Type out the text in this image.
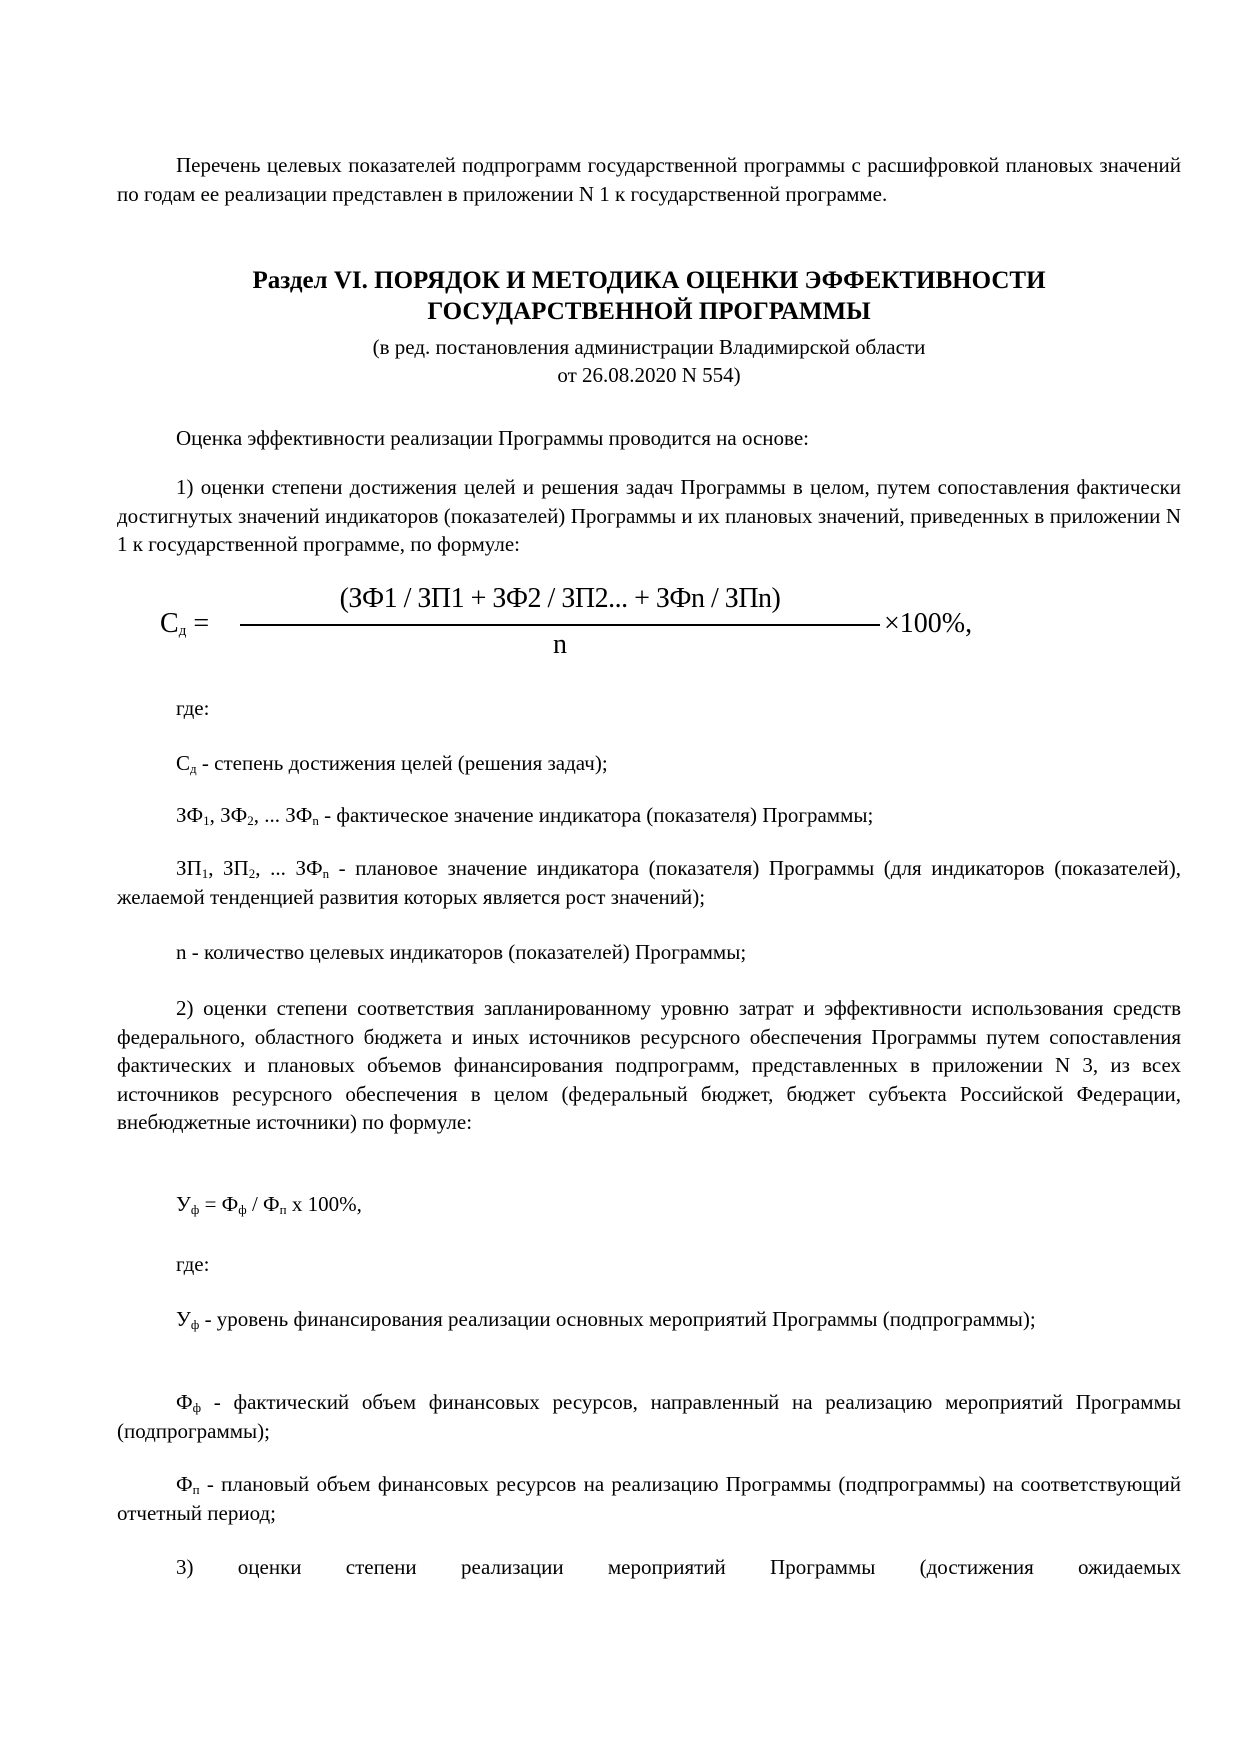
Перечень целевых показателей подпрограмм государственной программы с расшифровкой плановых значений по годам ее реализации представлен в приложении N 1 к государственной программе.
Раздел VI. ПОРЯДОК И МЕТОДИКА ОЦЕНКИ ЭФФЕКТИВНОСТИ
ГОСУДАРСТВЕННОЙ ПРОГРАММЫ
(в ред. постановления администрации Владимирской области
от 26.08.2020 N 554)
Оценка эффективности реализации Программы проводится на основе:
1) оценки степени достижения целей и решения задач Программы в целом, путем сопоставления фактически достигнутых значений индикаторов (показателей) Программы и их плановых значений, приведенных в приложении N 1 к государственной программе, по формуле:
$С_д$ =
(ЗФ1 / ЗП1 + ЗФ2 / ЗП2... + ЗФn / ЗПn)
n
×100%,
где:
$С_д$ - степень достижения целей (решения задач);
$ЗФ_1$, $ЗФ_2$, ... $ЗФ_n$ - фактическое значение индикатора (показателя) Программы;
$ЗП_1$, $ЗП_2$, ... $ЗФ_n$ - плановое значение индикатора (показателя) Программы (для индикаторов (показателей), желаемой тенденцией развития которых является рост значений);
n - количество целевых индикаторов (показателей) Программы;
2) оценки степени соответствия запланированному уровню затрат и эффективности использования средств федерального, областного бюджета и иных источников ресурсного обеспечения Программы путем сопоставления фактических и плановых объемов финансирования подпрограмм, представленных в приложении N 3, из всех источников ресурсного обеспечения в целом (федеральный бюджет, бюджет субъекта Российской Федерации, внебюджетные источники) по формуле:
$У_ф = Ф_ф / Ф_п$ х 100%,
где:
$У_ф$ - уровень финансирования реализации основных мероприятий Программы (подпрограммы);
$Ф_ф$ - фактический объем финансовых ресурсов, направленный на реализацию мероприятий Программы (подпрограммы);
$Ф_п$ - плановый объем финансовых ресурсов на реализацию Программы (подпрограммы) на соответствующий отчетный период;
3) оценки степени реализации мероприятий Программы (достижения ожидаемых
